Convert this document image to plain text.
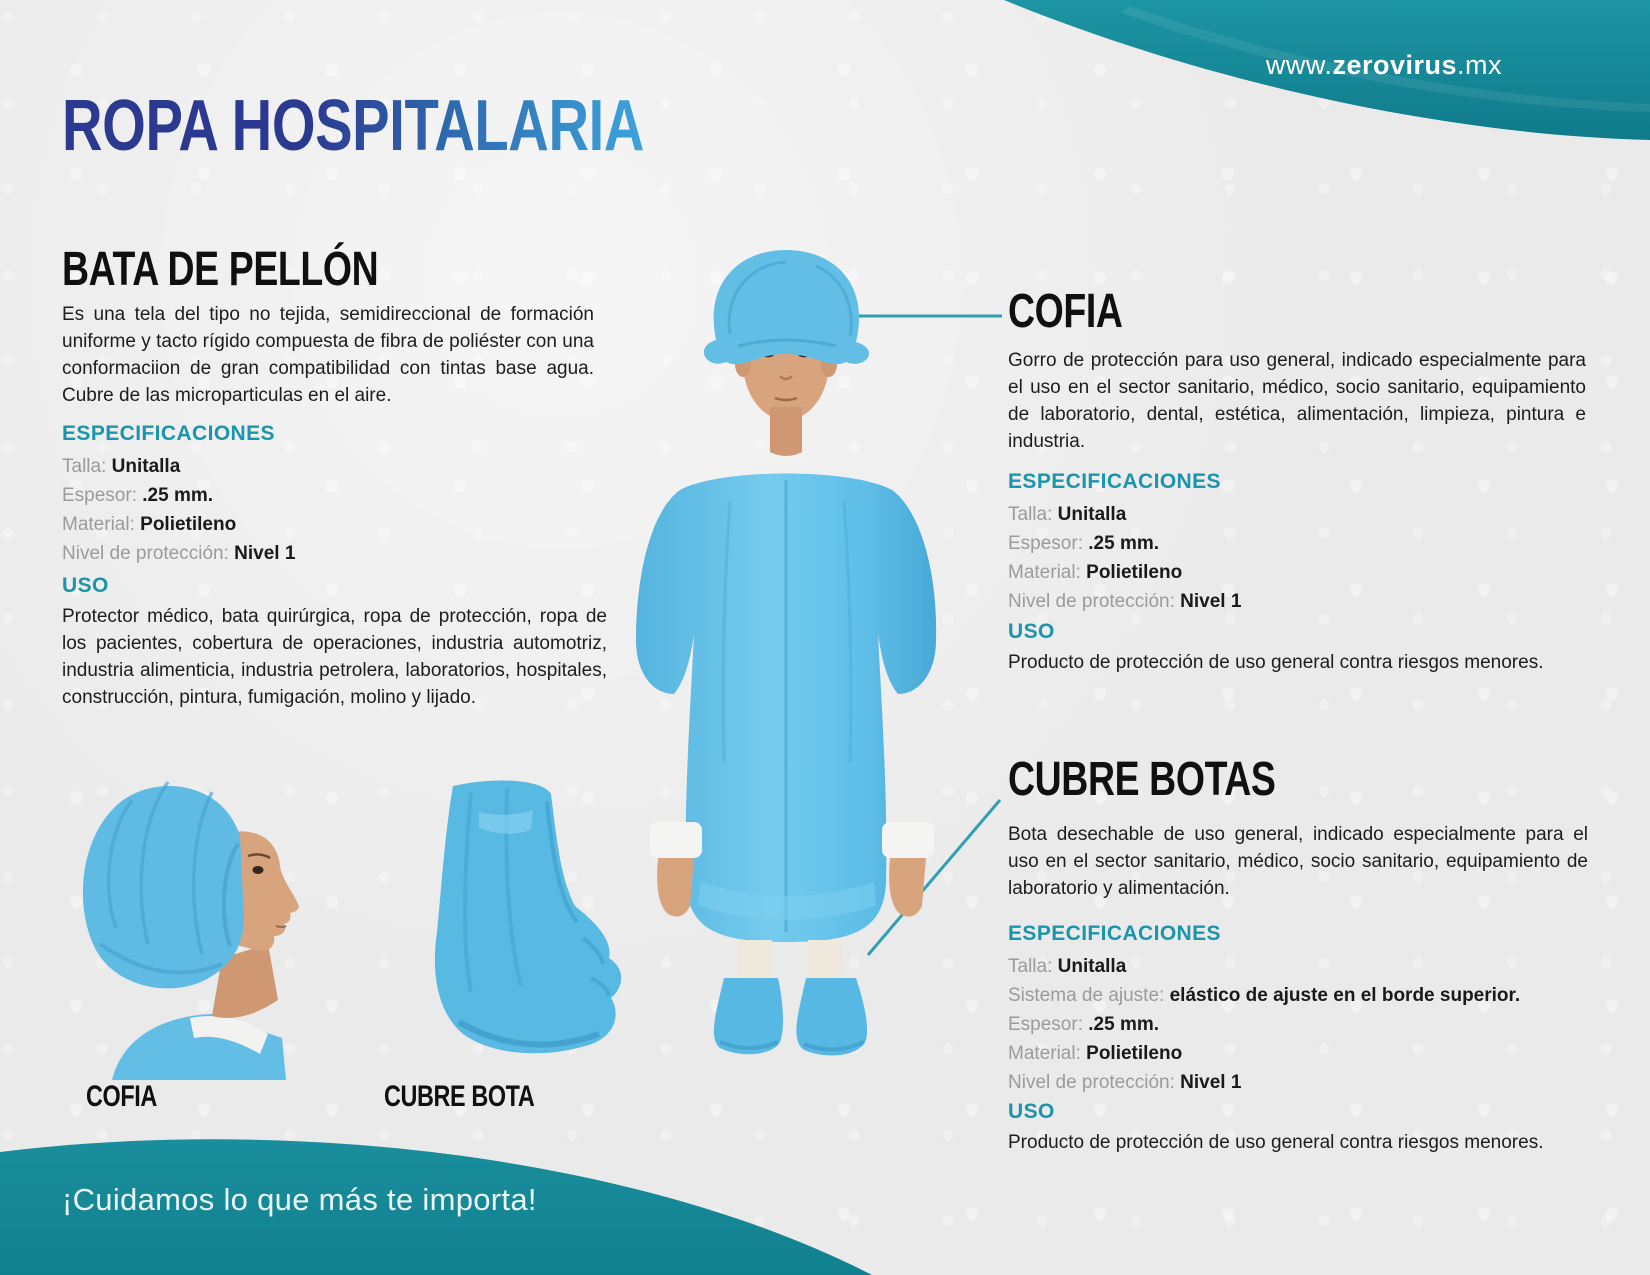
www.zerovirus.mx
ROPA HOSPITALARIA
BATA DE PELLÓN
Es una tela del tipo no tejida, semidireccional de formación uniforme y tacto rígido compuesta de fibra de poliéster con una conformaciion de gran compatibilidad con tintas base agua. Cubre de las microparticulas en el aire.
ESPECIFICACIONES
Talla: Unitalla
Espesor: .25 mm.
Material: Polietileno
Nivel de protección: Nivel 1
USO
Protector médico, bata quirúrgica, ropa de protección, ropa de los pacientes, cobertura de operaciones, industria automotriz, industria alimenticia, industria petrolera, laboratorios, hospitales, construcción, pintura, fumigación, molino y lijado.
COFIA
Gorro de protección para uso general, indicado especialmente para el uso en el sector sanitario, médico, socio sanitario, equipamiento de laboratorio, dental, estética, alimentación, limpieza, pintura e industria.
ESPECIFICACIONES
Talla: Unitalla
Espesor: .25 mm.
Material: Polietileno
Nivel de protección: Nivel 1
USO
Producto de protección de uso general contra riesgos menores.
CUBRE BOTAS
Bota desechable de uso general, indicado especialmente para el uso en el sector sanitario, médico, socio sanitario, equipamiento de laboratorio y alimentación.
ESPECIFICACIONES
Talla: Unitalla
Sistema de ajuste: elástico de ajuste en el borde superior.
Espesor: .25 mm.
Material: Polietileno
Nivel de protección: Nivel 1
USO
Producto de protección de uso general contra riesgos menores.
COFIA	CUBRE BOTA
¡Cuidamos lo que más te importa!
